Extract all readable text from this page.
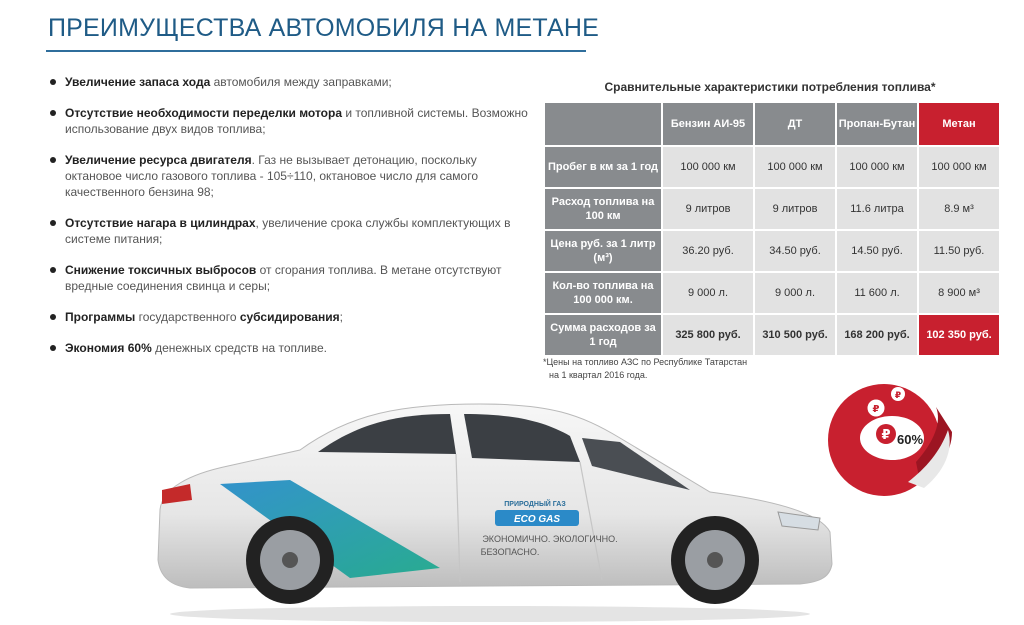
ПРЕИМУЩЕСТВА АВТОМОБИЛЯ НА МЕТАНЕ
Увеличение запаса хода автомобиля между заправками;
Отсутствие необходимости переделки мотора и топливной системы. Возможно использование двух видов топлива;
Увеличение ресурса двигателя. Газ не вызывает детонацию, поскольку октановое число газового топлива - 105÷110, октановое число для самого качественного бензина 98;
Отсутствие нагара в цилиндрах, увеличение срока службы комплектующих в системе питания;
Снижение токсичных выбросов от сгорания топлива. В метане отсутствуют вредные соединения свинца и серы;
Программы государственного субсидирования;
Экономия 60% денежных средств на топливе.
Сравнительные характеристики потребления топлива*
	Бензин АИ-95	ДТ	Пропан-Бутан	Метан
Пробег в км за 1 год	100 000 км	100 000 км	100 000 км	100 000 км
Расход топлива на 100 км	9 литров	9 литров	11.6 литра	8.9 м³
Цена руб. за 1 литр (м³)	36.20 руб.	34.50 руб.	14.50 руб.	11.50 руб.
Кол-во топлива на 100 000 км.	9 000 л.	9 000 л.	11 600 л.	8 900 м³
Сумма расходов за 1 год	325 800 руб.	310 500 руб.	168 200 руб.	102 350 руб.
*Цены на топливо АЗС по Республике Татарстан
на 1 квартал 2016 года.
₽
₽
₽
60%
ПРИРОДНЫЙ ГАЗ
ECO GAS
ЭКОНОМИЧНО. ЭКОЛОГИЧНО.
БЕЗОПАСНО.
